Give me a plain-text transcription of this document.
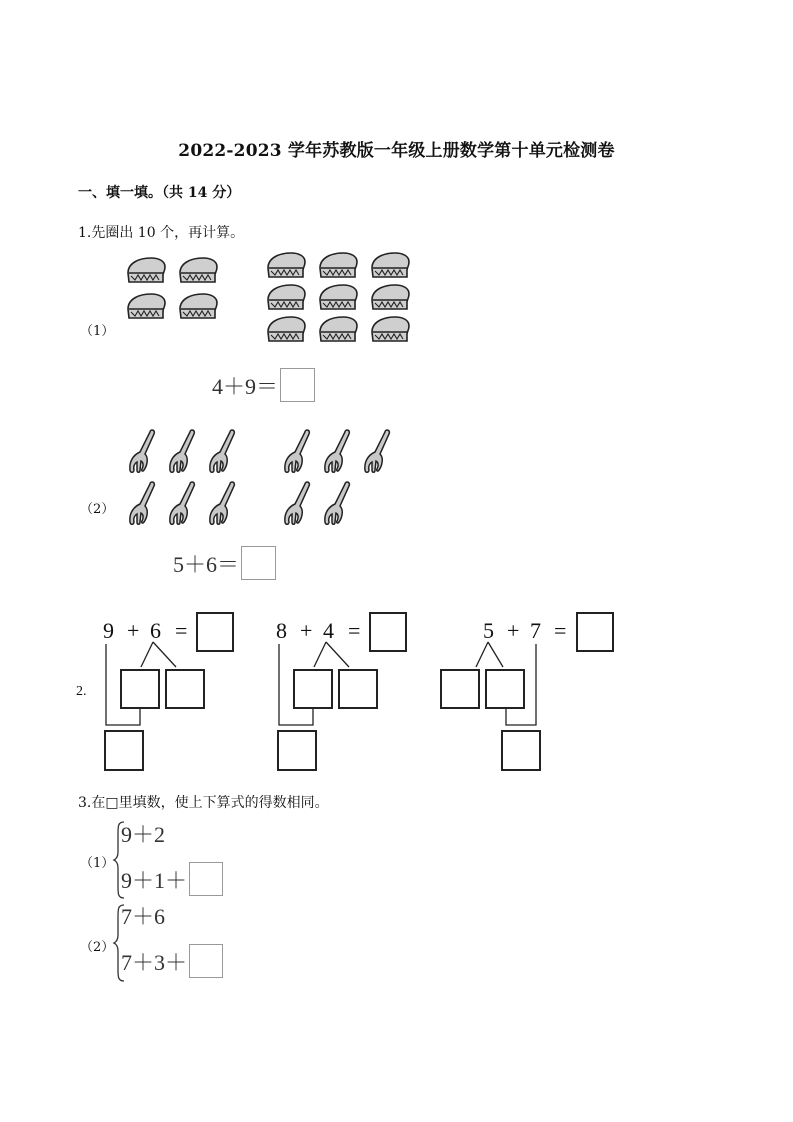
2022-2023 学年苏教版一年级上册数学第十单元检测卷
一、填一填。（共 14 分）
1.先圈出 10 个，再计算。
（1）
4＋9＝
（2）
5＋6＝
2.
9 + 6 =	8 + 4 =	5 + 7 =
3.在□里填数，使上下算式的得数相同。
（1）
9＋2
9＋1＋
（2）
7＋6
7＋3＋
